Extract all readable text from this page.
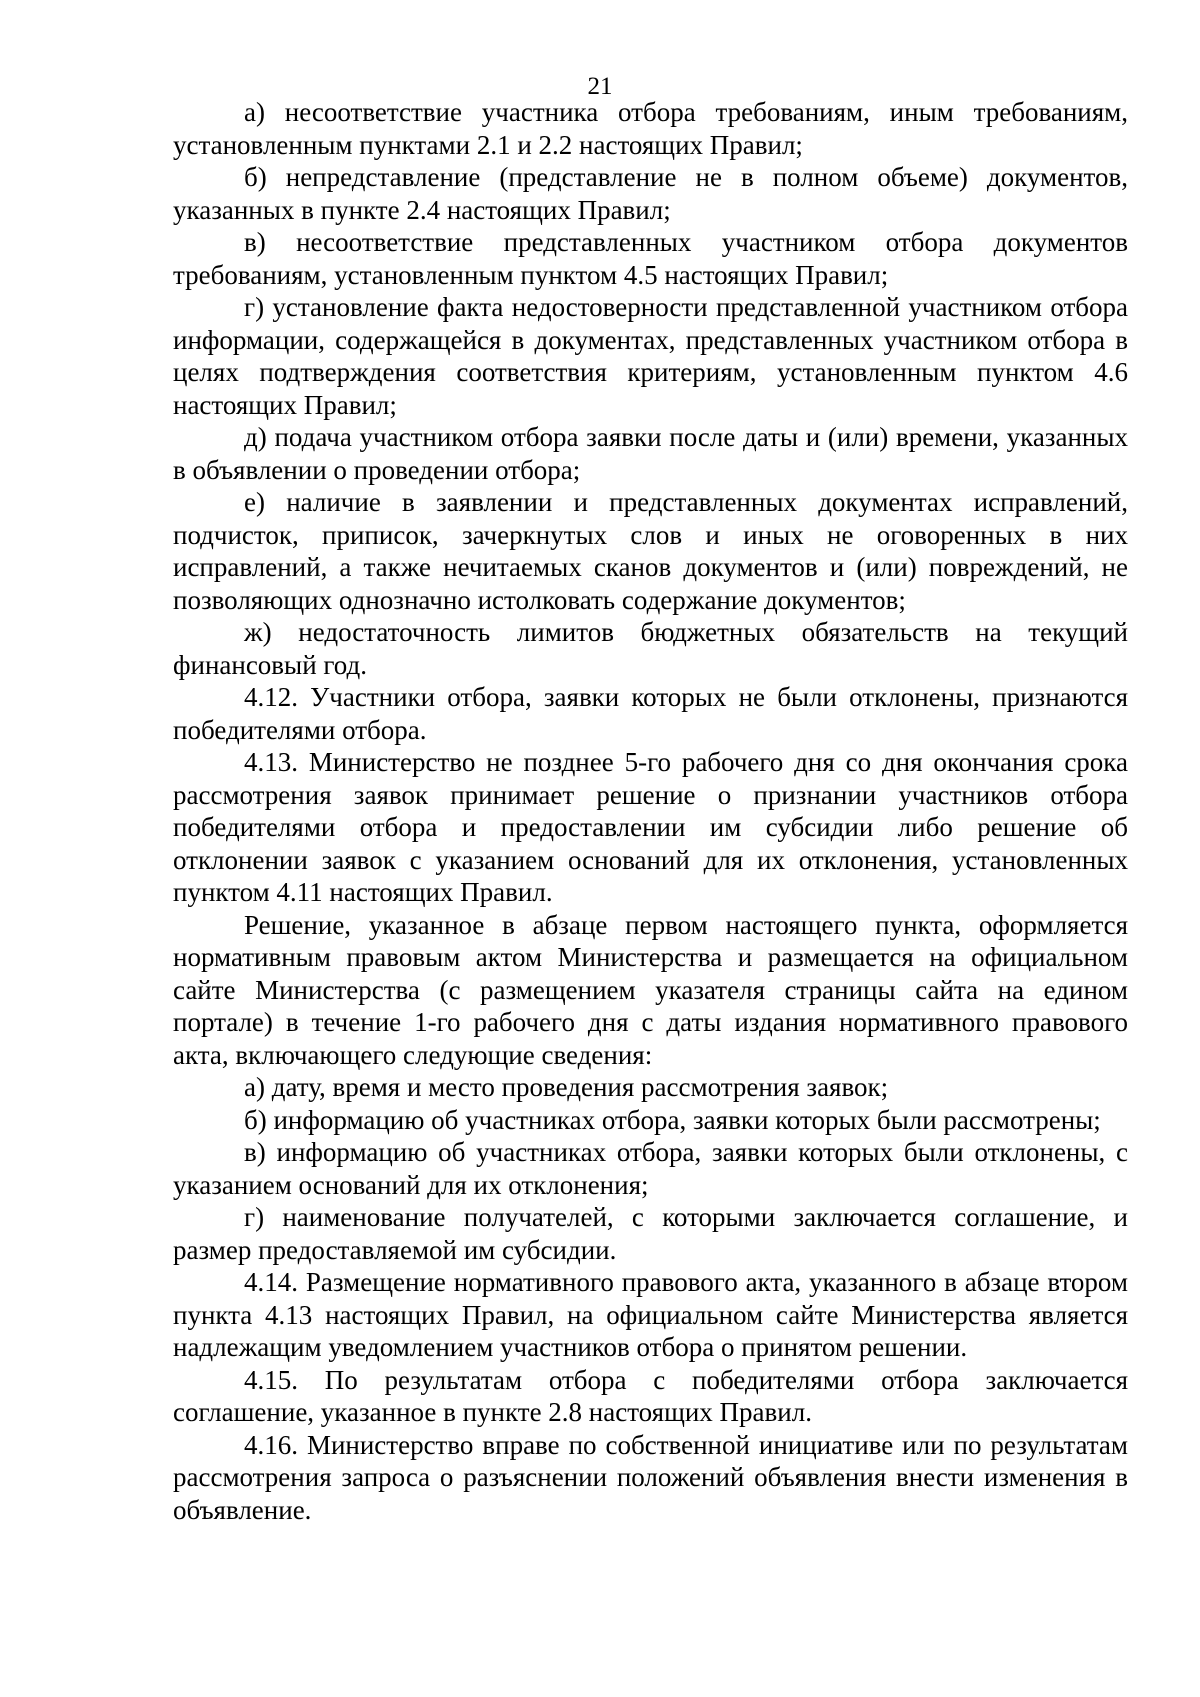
21

а) несоответствие участника отбора требованиям, иным требованиям, установленным пунктами 2.1 и 2.2 настоящих Правил;

б) непредставление (представление не в полном объеме) документов, указанных в пункте 2.4 настоящих Правил;

в) несоответствие представленных участником отбора документов требованиям, установленным пунктом 4.5 настоящих Правил;

г) установление факта недостоверности представленной участником отбора информации, содержащейся в документах, представленных участником отбора в целях подтверждения соответствия критериям, установленным пунктом 4.6 настоящих Правил;

д) подача участником отбора заявки после даты и (или) времени, указанных в объявлении о проведении отбора;

е) наличие в заявлении и представленных документах исправлений, подчисток, приписок, зачеркнутых слов и иных не оговоренных в них исправлений, а также нечитаемых сканов документов и (или) повреждений, не позволяющих однозначно истолковать содержание документов;

ж) недостаточность лимитов бюджетных обязательств на текущий финансовый год.

4.12. Участники отбора, заявки которых не были отклонены, признаются победителями отбора.

4.13. Министерство не позднее 5-го рабочего дня со дня окончания срока рассмотрения заявок принимает решение о признании участников отбора победителями отбора и предоставлении им субсидии либо решение об отклонении заявок с указанием оснований для их отклонения, установленных пунктом 4.11 настоящих Правил.

Решение, указанное в абзаце первом настоящего пункта, оформляется нормативным правовым актом Министерства и размещается на официальном сайте Министерства (с размещением указателя страницы сайта на едином портале) в течение 1-го рабочего дня с даты издания нормативного правового акта, включающего следующие сведения:

а) дату, время и место проведения рассмотрения заявок;

б) информацию об участниках отбора, заявки которых были рассмотрены;

в) информацию об участниках отбора, заявки которых были отклонены, с указанием оснований для их отклонения;

г) наименование получателей, с которыми заключается соглашение, и размер предоставляемой им субсидии.

4.14. Размещение нормативного правового акта, указанного в абзаце втором пункта 4.13 настоящих Правил, на официальном сайте Министерства является надлежащим уведомлением участников отбора о принятом решении.

4.15. По результатам отбора с победителями отбора заключается соглашение, указанное в пункте 2.8 настоящих Правил.

4.16. Министерство вправе по собственной инициативе или по результатам рассмотрения запроса о разъяснении положений объявления внести изменения в объявление.
